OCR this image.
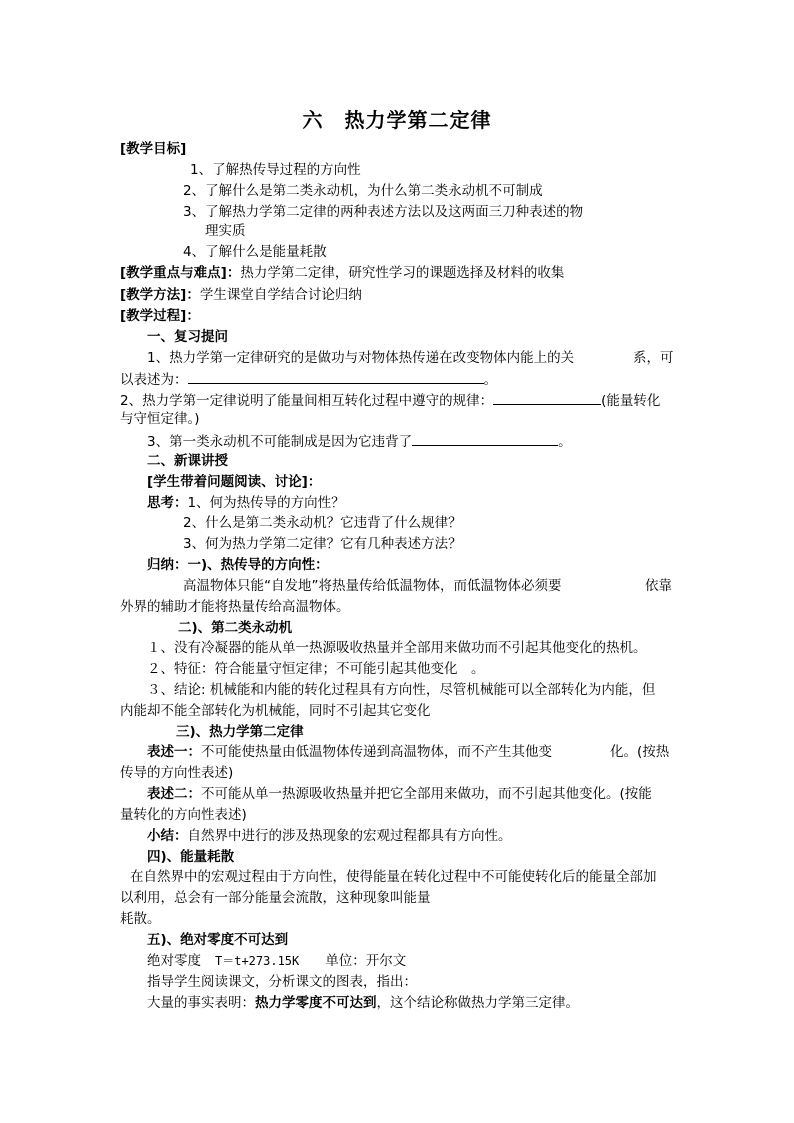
六　热力学第二定律
[教学目标]
1、了解热传导过程的方向性
2、了解什么是第二类永动机，为什么第二类永动机不可制成
3、了解热力学第二定律的两种表述方法以及这两面三刀种表述的物
理实质
4、了解什么是能量耗散
[教学重点与难点]：热力学第二定律，研究性学习的课题选择及材料的收集
[教学方法]：学生课堂自学结合讨论归纳
[教学过程]：
一、复习提问
1、热力学第一定律研究的是做功与对物体热传递在改变物体内能上的关	系，可
以表述为：	。
2、热力学第一定律说明了能量间相互转化过程中遵守的规律：	(能量转化
与守恒定律。)
3、第一类永动机不可能制成是因为它违背了	。
二、新课讲授
[学生带着问题阅读、讨论]：
思考：1、何为热传导的方向性？
2、什么是第二类永动机？它违背了什么规律？
3、何为热力学第二定律？它有几种表述方法？
归纳：一)、热传导的方向性：
高温物体只能“自发地”将热量传给低温物体，而低温物体必须要	依靠
外界的辅助才能将热量传给高温物体。
二)、第二类永动机
１、没有冷凝器的能从单一热源吸收热量并全部用来做功而不引起其他变化的热机。
２、特征：符合能量守恒定律；不可能引起其他变化　。
３、结论: 机械能和内能的转化过程具有方向性，尽管机械能可以全部转化为内能，但
内能却不能全部转化为机械能，同时不引起其它变化
三)、热力学第二定律
表述一：不可能使热量由低温物体传递到高温物体，而不产生其他变	化。(按热
传导的方向性表述)
表述二：不可能从单一热源吸收热量并把它全部用来做功，而不引起其他变化。(按能
量转化的方向性表述)
小结：自然界中进行的涉及热现象的宏观过程都具有方向性。
四)、能量耗散
在自然界中的宏观过程由于方向性，使得能量在转化过程中不可能使转化后的能量全部加
以利用，总会有一部分能量会流散，这种现象叫能量
耗散。
五)、绝对零度不可达到
绝对零度 T＝t+273.15K 单位：开尔文
指导学生阅读课文，分析课文的图表，指出：
大量的事实表明：热力学零度不可达到，这个结论称做热力学第三定律。
